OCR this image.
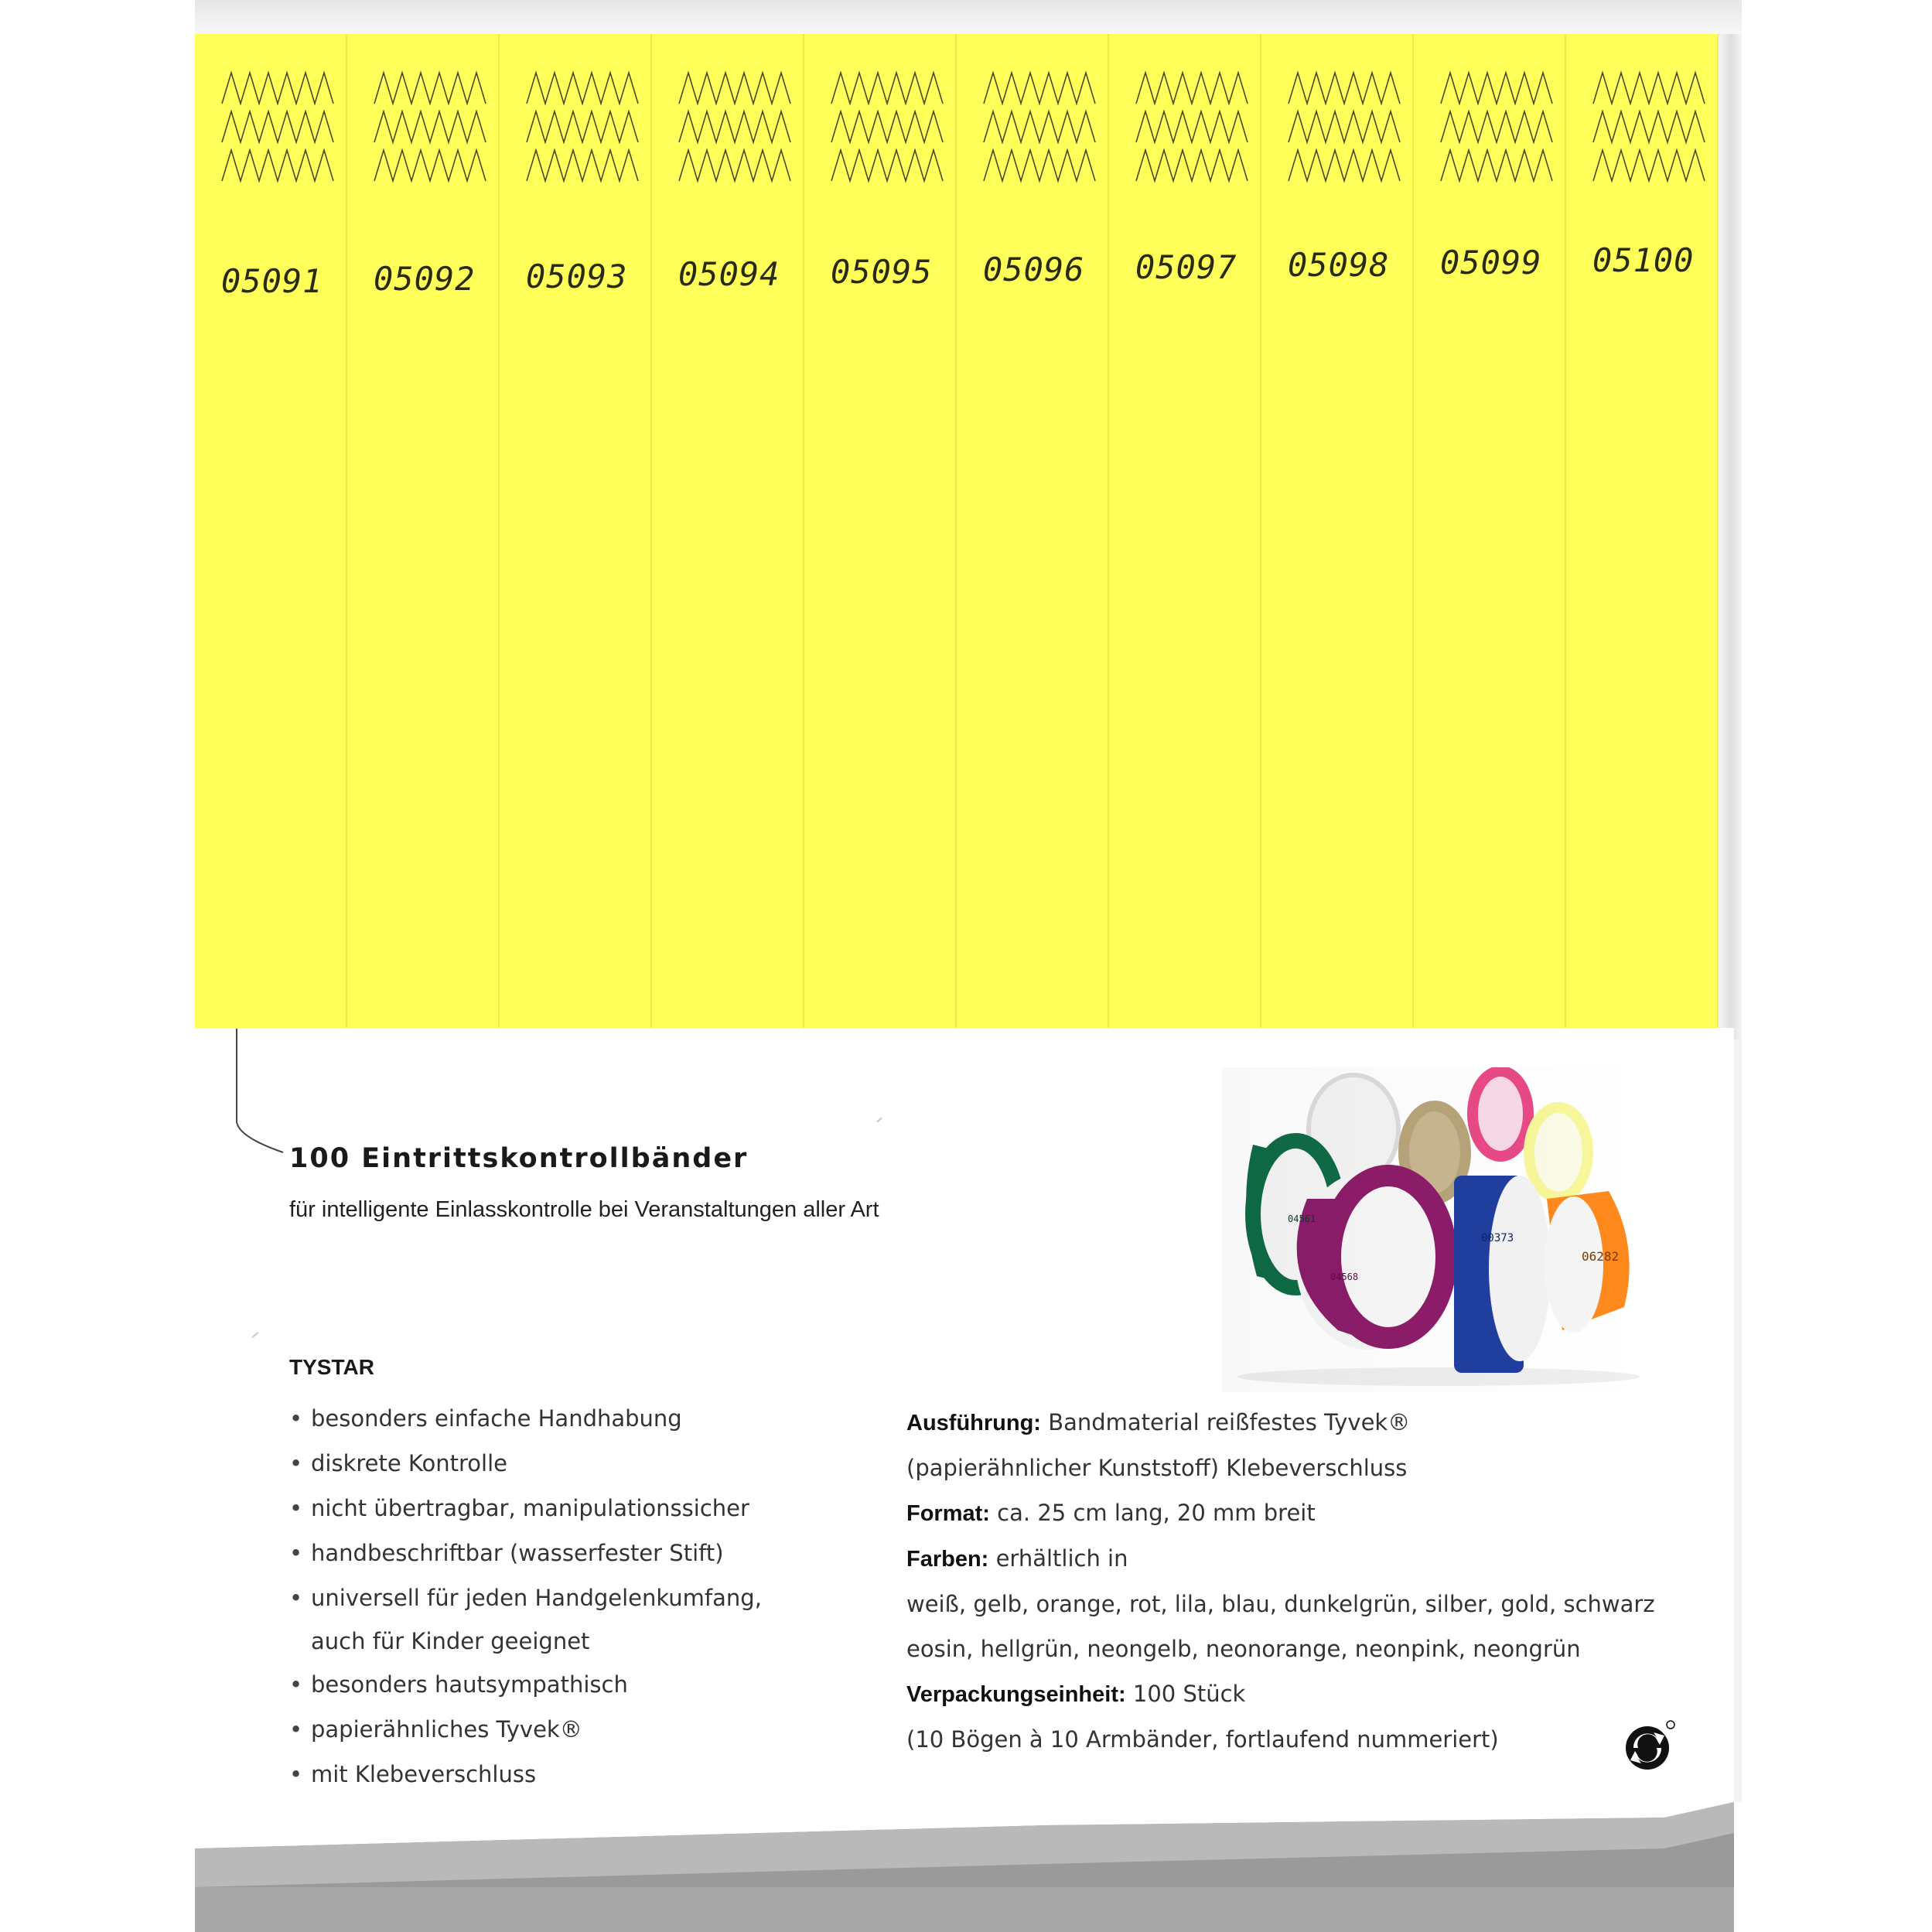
05091 05092 05093 05094 05095 05096 05097 05098 05099 05100
100 Eintrittskontrollbänder

für intelligente Einlasskontrolle bei Veranstaltungen aller Art	04561
04568
00373
06282
TYSTAR
• besonders einfache Handhabung
• diskrete Kontrolle
• nicht übertragbar, manipulationssicher
• handbeschriftbar (wasserfester Stift)
• universell für jeden Handgelenkumfang,
auch für Kinder geeignet
• besonders hautsympathisch
• papierähnliches Tyvek®
• mit Klebeverschluss
Ausführung: Bandmaterial reißfestes Tyvek®
(papierähnlicher Kunststoff) Klebeverschluss
Format: ca. 25 cm lang, 20 mm breit
Farben: erhältlich in
weiß, gelb, orange, rot, lila, blau, dunkelgrün, silber, gold, schwarz
eosin, hellgrün, neongelb, neonorange, neonpink, neongrün
Verpackungseinheit: 100 Stück
(10 Bögen à 10 Armbänder, fortlaufend nummeriert)
